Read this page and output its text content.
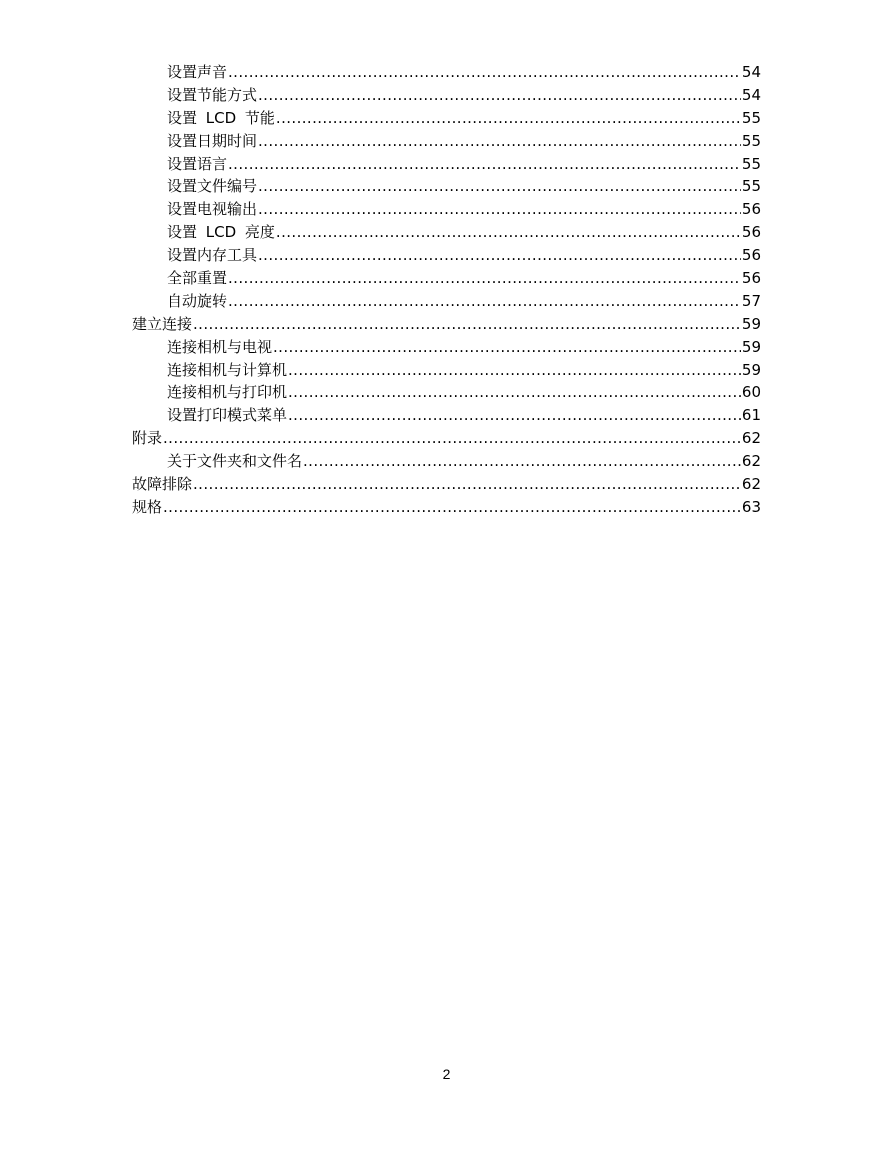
设置声音 .....	54
设置节能方式 .....	54
设置 LCD 节能 .....	55
设置日期时间 .....	55
设置语言 .....	55
设置文件编号 .....	55
设置电视输出 .....	56
设置 LCD 亮度 .....	56
设置内存工具 .....	56
全部重置 .....	56
自动旋转 .....	57
建立连接 .....	59
连接相机与电视 .....	59
连接相机与计算机 .....	59
连接相机与打印机 .....	60
设置打印模式菜单 .....	61
附录 .....	62
关于文件夹和文件名 .....	62
故障排除 .....	62
规格 .....	63
2
